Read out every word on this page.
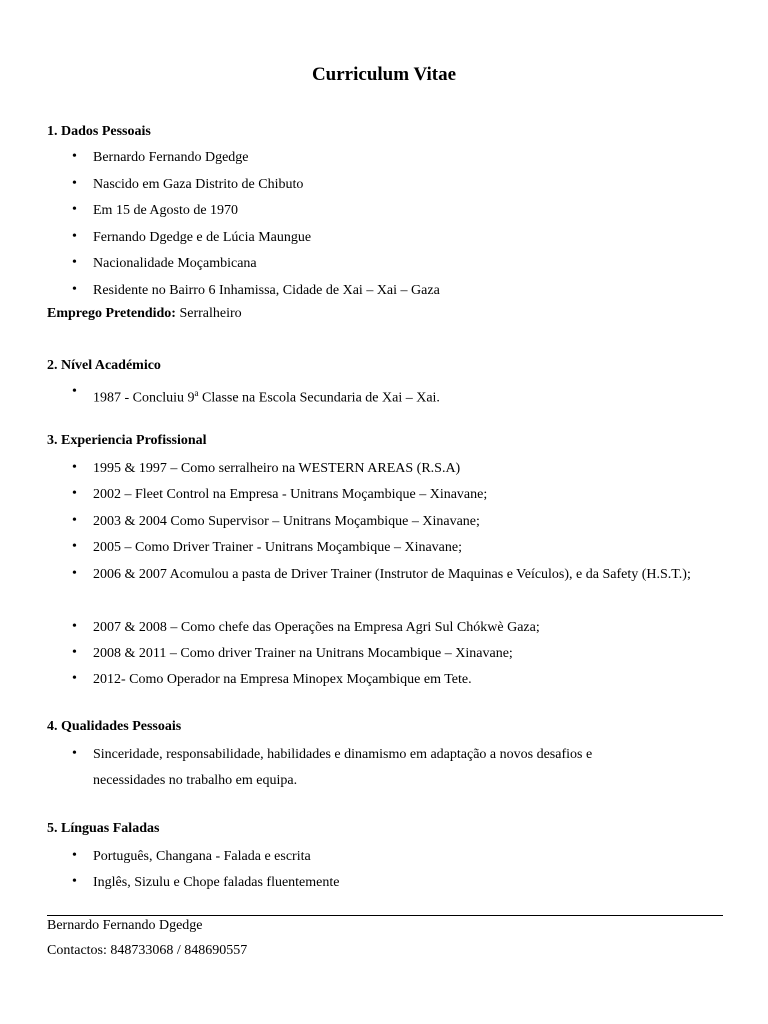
Curriculum Vitae
1. Dados Pessoais
• Bernardo Fernando Dgedge
• Nascido em Gaza Distrito de Chibuto
• Em 15 de Agosto de 1970
• Fernando Dgedge e de Lúcia Maungue
• Nacionalidade Moçambicana
• Residente no Bairro 6 Inhamissa, Cidade de Xai – Xai – Gaza
Emprego Pretendido: Serralheiro
2. Nível Académico
• 1987 - Concluiu 9$^a$ Classe na Escola Secundaria de Xai – Xai.
3. Experiencia Profissional
• 1995 & 1997 – Como serralheiro na WESTERN AREAS (R.S.A)
• 2002 – Fleet Control na Empresa - Unitrans Moçambique – Xinavane;
• 2003 & 2004 Como Supervisor – Unitrans Moçambique – Xinavane;
• 2005 – Como Driver Trainer - Unitrans Moçambique – Xinavane;
• 2006 & 2007 Acomulou a pasta de Driver Trainer (Instrutor de Maquinas e Veículos), e da Safety (H.S.T.);
• 2007 & 2008 – Como chefe das Operações na Empresa Agri Sul Chókwè Gaza;
• 2008 & 2011 – Como driver Trainer na Unitrans Mocambique – Xinavane;
• 2012- Como Operador na Empresa Minopex Moçambique em Tete.
4. Qualidades Pessoais
• Sinceridade, responsabilidade, habilidades e dinamismo em adaptação a novos desafios e necessidades no trabalho em equipa.
5. Línguas Faladas
• Português, Changana - Falada e escrita
• Inglês, Sizulu e Chope faladas fluentemente
Bernardo Fernando Dgedge
Contactos: 848733068 / 848690557
